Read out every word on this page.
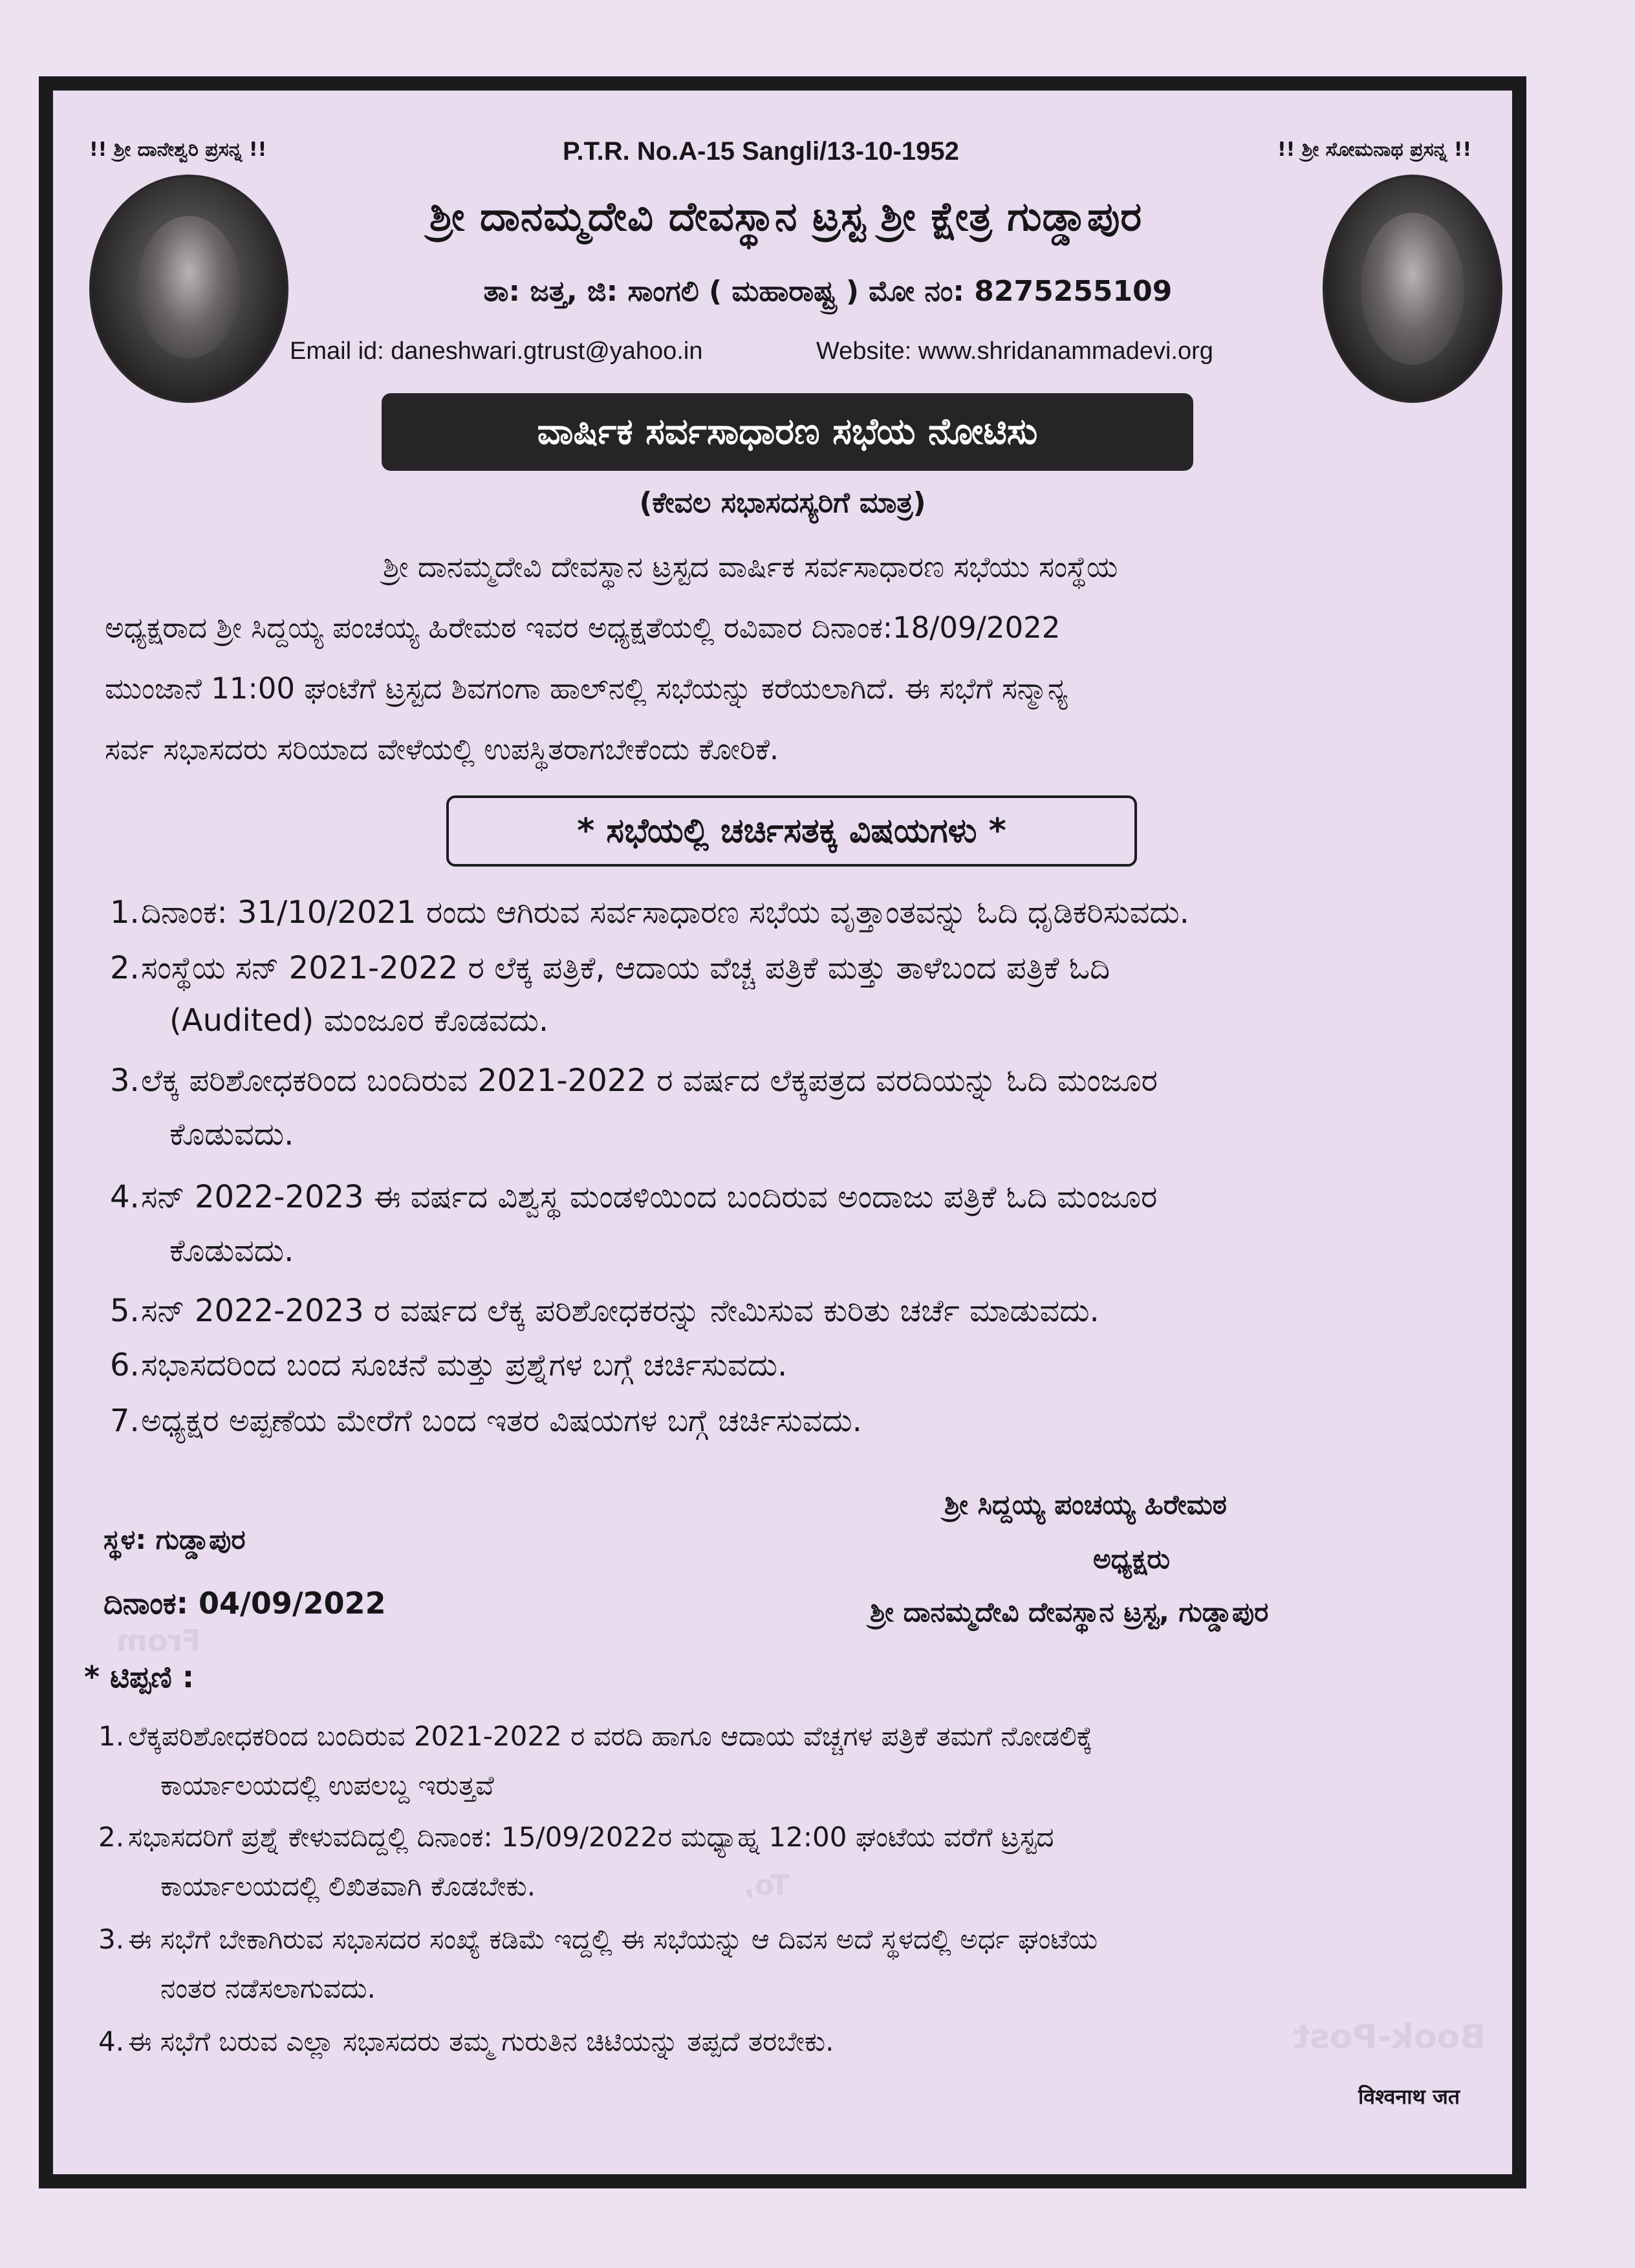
Book-Post
To,
From
!! ಶ್ರೀ ದಾನೇಶ್ವರಿ ಪ್ರಸನ್ನ !!	P.T.R. No.A-15 Sangli/13-10-1952	!! ಶ್ರೀ ಸೋಮನಾಥ ಪ್ರಸನ್ನ !!
ಶ್ರೀ ದಾನಮ್ಮದೇವಿ ದೇವಸ್ಥಾನ ಟ್ರಸ್ಟ ಶ್ರೀ ಕ್ಷೇತ್ರ ಗುಡ್ಡಾಪುರ
ತಾ: ಜತ್ತ, ಜಿ: ಸಾಂಗಲಿ ( ಮಹಾರಾಷ್ಟ್ರ ) ಮೋ ನಂ: 8275255109
Email id: daneshwari.gtrust@yahoo.in	Website: www.shridanammadevi.org
ವಾರ್ಷಿಕ ಸರ್ವಸಾಧಾರಣ ಸಭೆಯ ನೋಟಿಸು
(ಕೇವಲ ಸಭಾಸದಸ್ಯರಿಗೆ ಮಾತ್ರ)
ಶ್ರೀ ದಾನಮ್ಮದೇವಿ ದೇವಸ್ಥಾನ ಟ್ರಸ್ಟದ ವಾರ್ಷಿಕ ಸರ್ವಸಾಧಾರಣ ಸಭೆಯು ಸಂಸ್ಥೆಯ
ಅಧ್ಯಕ್ಷರಾದ ಶ್ರೀ ಸಿದ್ದಯ್ಯ ಪಂಚಯ್ಯ ಹಿರೇಮಠ ಇವರ ಅಧ್ಯಕ್ಷತೆಯಲ್ಲಿ ರವಿವಾರ ದಿನಾಂಕ:18/09/2022
ಮುಂಜಾನೆ 11:00 ಘಂಟೆಗೆ ಟ್ರಸ್ಟದ ಶಿವಗಂಗಾ ಹಾಲ್‌ನಲ್ಲಿ ಸಭೆಯನ್ನು ಕರೆಯಲಾಗಿದೆ. ಈ ಸಭೆಗೆ ಸನ್ಮಾನ್ಯ
ಸರ್ವ ಸಭಾಸದರು ಸರಿಯಾದ ವೇಳೆಯಲ್ಲಿ ಉಪಸ್ಥಿತರಾಗಬೇಕೆಂದು ಕೋರಿಕೆ.
* ಸಭೆಯಲ್ಲಿ ಚರ್ಚಿಸತಕ್ಕ ವಿಷಯಗಳು *
1.ದಿನಾಂಕ: 31/10/2021 ರಂದು ಆಗಿರುವ ಸರ್ವಸಾಧಾರಣ ಸಭೆಯ ವೃತ್ತಾಂತವನ್ನು ಓದಿ ಧೃಡಿಕರಿಸುವದು.
2.ಸಂಸ್ಥೆಯ ಸನ್ 2021-2022 ರ ಲೆಕ್ಕ ಪತ್ರಿಕೆ, ಆದಾಯ ವೆಚ್ಚ ಪತ್ರಿಕೆ ಮತ್ತು ತಾಳೆಬಂದ ಪತ್ರಿಕೆ ಓದಿ
(Audited) ಮಂಜೂರ ಕೊಡವದು.
3.ಲೆಕ್ಕ ಪರಿಶೋಧಕರಿಂದ ಬಂದಿರುವ 2021-2022 ರ ವರ್ಷದ ಲೆಕ್ಕಪತ್ರದ ವರದಿಯನ್ನು ಓದಿ ಮಂಜೂರ
ಕೊಡುವದು.
4.ಸನ್ 2022-2023 ಈ ವರ್ಷದ ವಿಶ್ವಸ್ಥ ಮಂಡಳಿಯಿಂದ ಬಂದಿರುವ ಅಂದಾಜು ಪತ್ರಿಕೆ ಓದಿ ಮಂಜೂರ
ಕೊಡುವದು.
5.ಸನ್ 2022-2023 ರ ವರ್ಷದ ಲೆಕ್ಕ ಪರಿಶೋಧಕರನ್ನು ನೇಮಿಸುವ ಕುರಿತು ಚರ್ಚೆ ಮಾಡುವದು.
6.ಸಭಾಸದರಿಂದ ಬಂದ ಸೂಚನೆ ಮತ್ತು ಪ್ರಶ್ನೆಗಳ ಬಗ್ಗೆ ಚರ್ಚಿಸುವದು.
7.ಅಧ್ಯಕ್ಷರ ಅಪ್ಪಣೆಯ ಮೇರೆಗೆ ಬಂದ ಇತರ ವಿಷಯಗಳ ಬಗ್ಗೆ ಚರ್ಚಿಸುವದು.
ಶ್ರೀ ಸಿದ್ದಯ್ಯ ಪಂಚಯ್ಯ ಹಿರೇಮಠ
ಅಧ್ಯಕ್ಷರು
ಶ್ರೀ ದಾನಮ್ಮದೇವಿ ದೇವಸ್ಥಾನ ಟ್ರಸ್ಟ, ಗುಡ್ಡಾಪುರ
ಸ್ಥಳ: ಗುಡ್ಡಾಪುರ
ದಿನಾಂಕ: 04/09/2022
* ಟಿಪ್ಪಣಿ :
1. ಲೆಕ್ಕಪರಿಶೋಧಕರಿಂದ ಬಂದಿರುವ 2021-2022 ರ ವರದಿ ಹಾಗೂ ಆದಾಯ ವೆಚ್ಚಗಳ ಪತ್ರಿಕೆ ತಮಗೆ ನೋಡಲಿಕ್ಕೆ
ಕಾರ್ಯಾಲಯದಲ್ಲಿ ಉಪಲಬ್ದ ಇರುತ್ತವೆ
2. ಸಭಾಸದರಿಗೆ ಪ್ರಶ್ನೆ ಕೇಳುವದಿದ್ದಲ್ಲಿ ದಿನಾಂಕ: 15/09/2022ರ ಮಧ್ಯಾಹ್ನ 12:00 ಘಂಟೆಯ ವರೆಗೆ ಟ್ರಸ್ಟದ
ಕಾರ್ಯಾಲಯದಲ್ಲಿ ಲಿಖಿತವಾಗಿ ಕೊಡಬೇಕು.
3. ಈ ಸಭೆಗೆ ಬೇಕಾಗಿರುವ ಸಭಾಸದರ ಸಂಖ್ಯೆ ಕಡಿಮೆ ಇದ್ದಲ್ಲಿ ಈ ಸಭೆಯನ್ನು ಆ ದಿವಸ ಅದೆ ಸ್ಥಳದಲ್ಲಿ ಅರ್ಧ ಘಂಟೆಯ
ನಂತರ ನಡೆಸಲಾಗುವದು.
4. ಈ ಸಭೆಗೆ ಬರುವ ಎಲ್ಲಾ ಸಭಾಸದರು ತಮ್ಮ ಗುರುತಿನ ಚಿಟಿಯನ್ನು ತಪ್ಪದೆ ತರಬೇಕು.
विश्वनाथ जत
